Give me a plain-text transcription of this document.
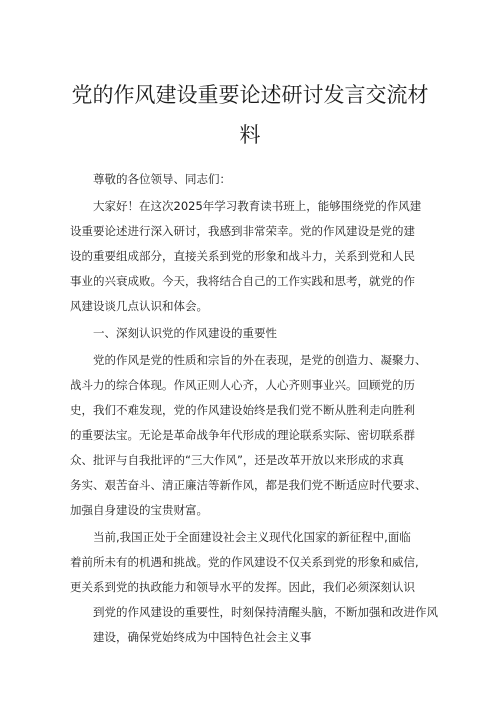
党的作风建设重要论述研讨发言交流材
料
尊敬的各位领导、同志们：
大家好！在这次2025年学习教育读书班上，能够围绕党的作风建
设重要论述进行深入研讨，我感到非常荣幸。党的作风建设是党的建
设的重要组成部分，直接关系到党的形象和战斗力，关系到党和人民
事业的兴衰成败。今天，我将结合自己的工作实践和思考，就党的作
风建设谈几点认识和体会。
一、深刻认识党的作风建设的重要性
党的作风是党的性质和宗旨的外在表现，是党的创造力、凝聚力、
战斗力的综合体现。作风正则人心齐，人心齐则事业兴。回顾党的历
史，我们不难发现，党的作风建设始终是我们党不断从胜利走向胜利
的重要法宝。无论是革命战争年代形成的理论联系实际、密切联系群
众、批评与自我批评的“三大作风”，还是改革开放以来形成的求真
务实、艰苦奋斗、清正廉洁等新作风，都是我们党不断适应时代要求、
加强自身建设的宝贵财富。
当前,我国正处于全面建设社会主义现代化国家的新征程中,面临
着前所未有的机遇和挑战。党的作风建设不仅关系到党的形象和威信,
更关系到党的执政能力和领导水平的发挥。因此，我们必须深刻认识
到党的作风建设的重要性，时刻保持清醒头脑，不断加强和改进作风
建设，确保党始终成为中国特色社会主义事
